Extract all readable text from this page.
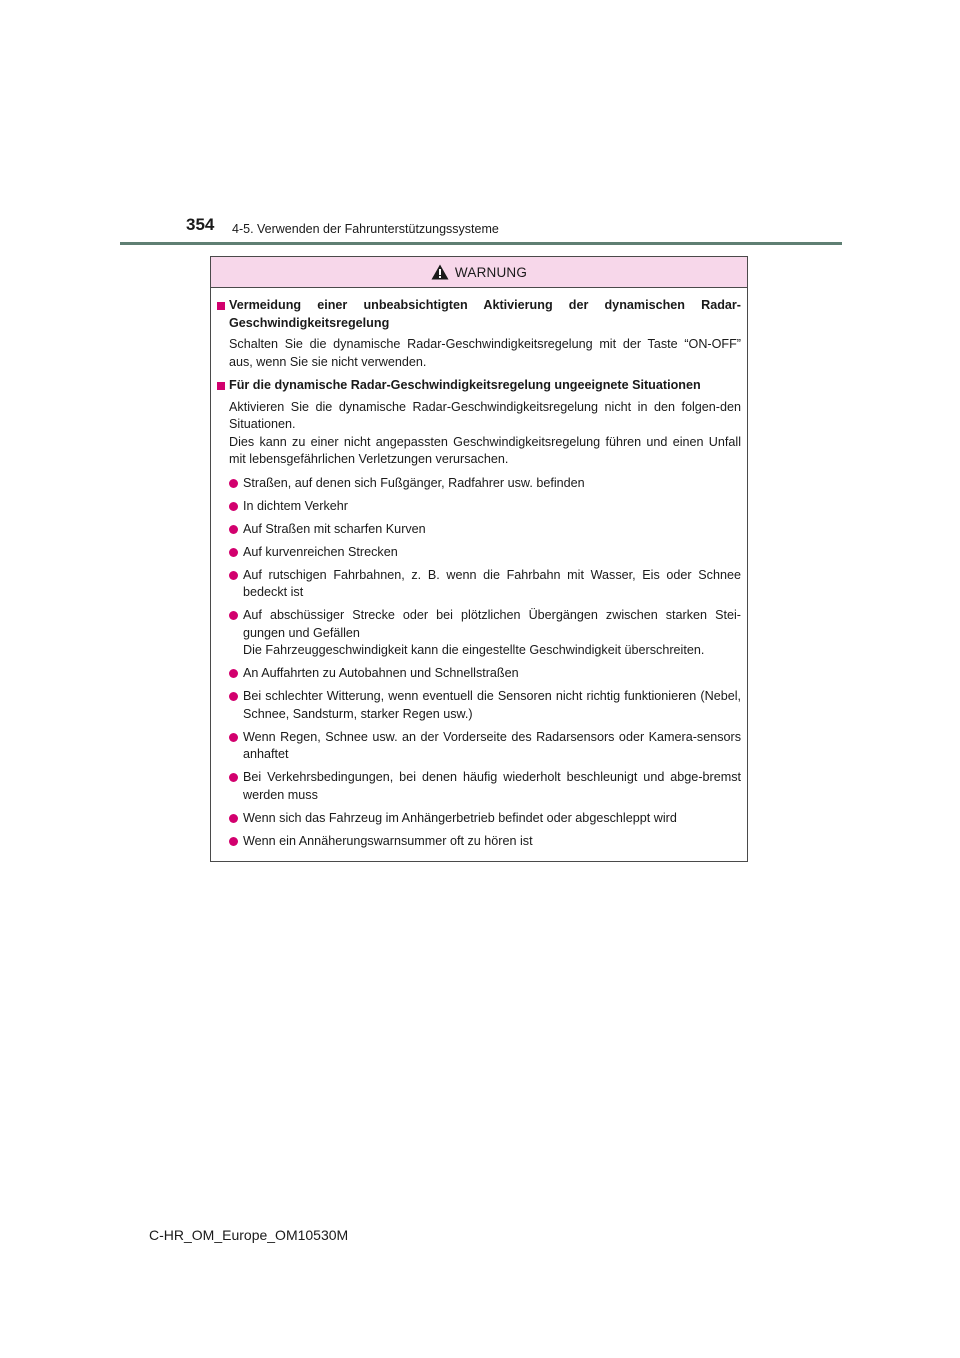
354 4-5. Verwenden der Fahrunterstützungssysteme
WARNUNG
Vermeidung einer unbeabsichtigten Aktivierung der dynamischen Radar-Geschwindigkeitsregelung
Schalten Sie die dynamische Radar-Geschwindigkeitsregelung mit der Taste “ON-OFF” aus, wenn Sie sie nicht verwenden.
Für die dynamische Radar-Geschwindigkeitsregelung ungeeignete Situationen
Aktivieren Sie die dynamische Radar-Geschwindigkeitsregelung nicht in den folgen-den Situationen.
Dies kann zu einer nicht angepassten Geschwindigkeitsregelung führen und einen Unfall mit lebensgefährlichen Verletzungen verursachen.
Straßen, auf denen sich Fußgänger, Radfahrer usw. befinden
In dichtem Verkehr
Auf Straßen mit scharfen Kurven
Auf kurvenreichen Strecken
Auf rutschigen Fahrbahnen, z. B. wenn die Fahrbahn mit Wasser, Eis oder Schnee bedeckt ist
Auf abschüssiger Strecke oder bei plötzlichen Übergängen zwischen starken Stei-gungen und Gefällen
Die Fahrzeuggeschwindigkeit kann die eingestellte Geschwindigkeit überschreiten.
An Auffahrten zu Autobahnen und Schnellstraßen
Bei schlechter Witterung, wenn eventuell die Sensoren nicht richtig funktionieren (Nebel, Schnee, Sandsturm, starker Regen usw.)
Wenn Regen, Schnee usw. an der Vorderseite des Radarsensors oder Kamera-sensors anhaftet
Bei Verkehrsbedingungen, bei denen häufig wiederholt beschleunigt und abge-bremst werden muss
Wenn sich das Fahrzeug im Anhängerbetrieb befindet oder abgeschleppt wird
Wenn ein Annäherungswarnsummer oft zu hören ist
C-HR_OM_Europe_OM10530M
